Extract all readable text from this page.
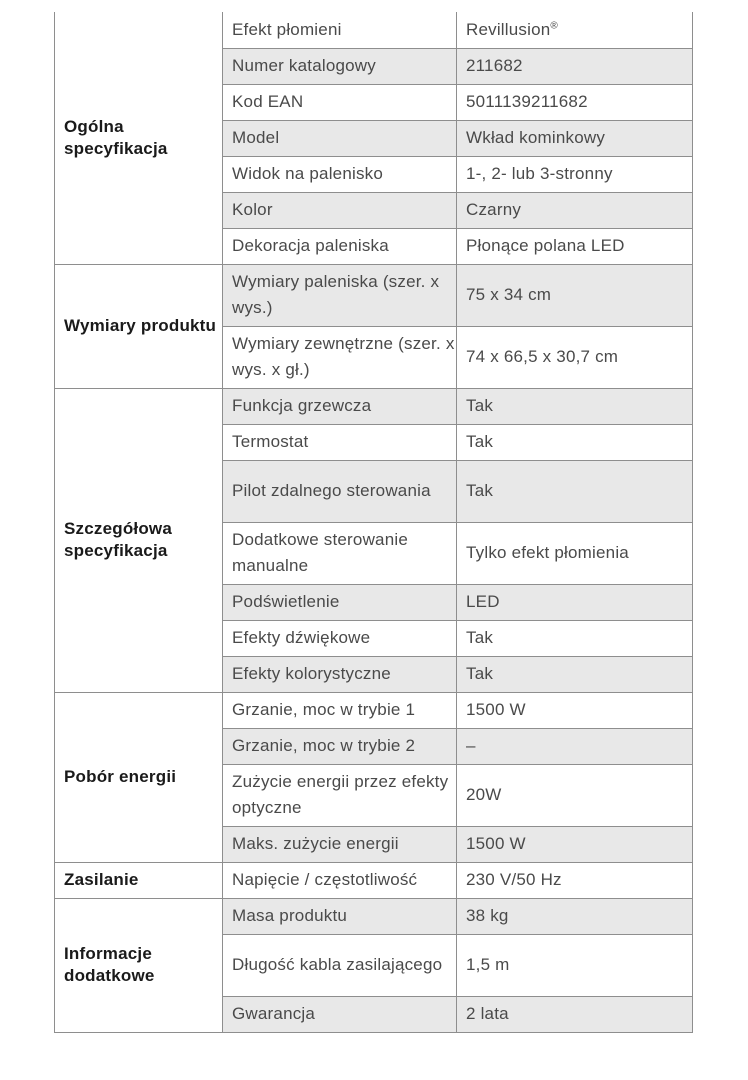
Ogólna specyfikacja	Efekt płomieni	Revillusion®
	Numer katalogowy	211682
	Kod EAN	5011139211682
	Model	Wkład kominkowy
	Widok na palenisko	1-, 2- lub 3-stronny
	Kolor	Czarny
	Dekoracja paleniska	Płonące polana LED
Wymiary produktu	Wymiary paleniska (szer. x wys.)	75 x 34 cm
	Wymiary zewnętrzne (szer. x wys. x gł.)	74 x 66,5 x 30,7 cm
Szczegółowa specyfikacja	Funkcja grzewcza	Tak
	Termostat	Tak
	Pilot zdalnego sterowania	Tak
	Dodatkowe sterowanie manualne	Tylko efekt płomienia
	Podświetlenie	LED
	Efekty dźwiękowe	Tak
	Efekty kolorystyczne	Tak
Pobór energii	Grzanie, moc w trybie 1	1500 W
	Grzanie, moc w trybie 2	–
	Zużycie energii przez efekty optyczne	20W
	Maks. zużycie energii	1500 W
Zasilanie	Napięcie / częstotliwość	230 V/50 Hz
Informacje dodatkowe	Masa produktu	38 kg
	Długość kabla zasilającego	1,5 m
	Gwarancja	2 lata
